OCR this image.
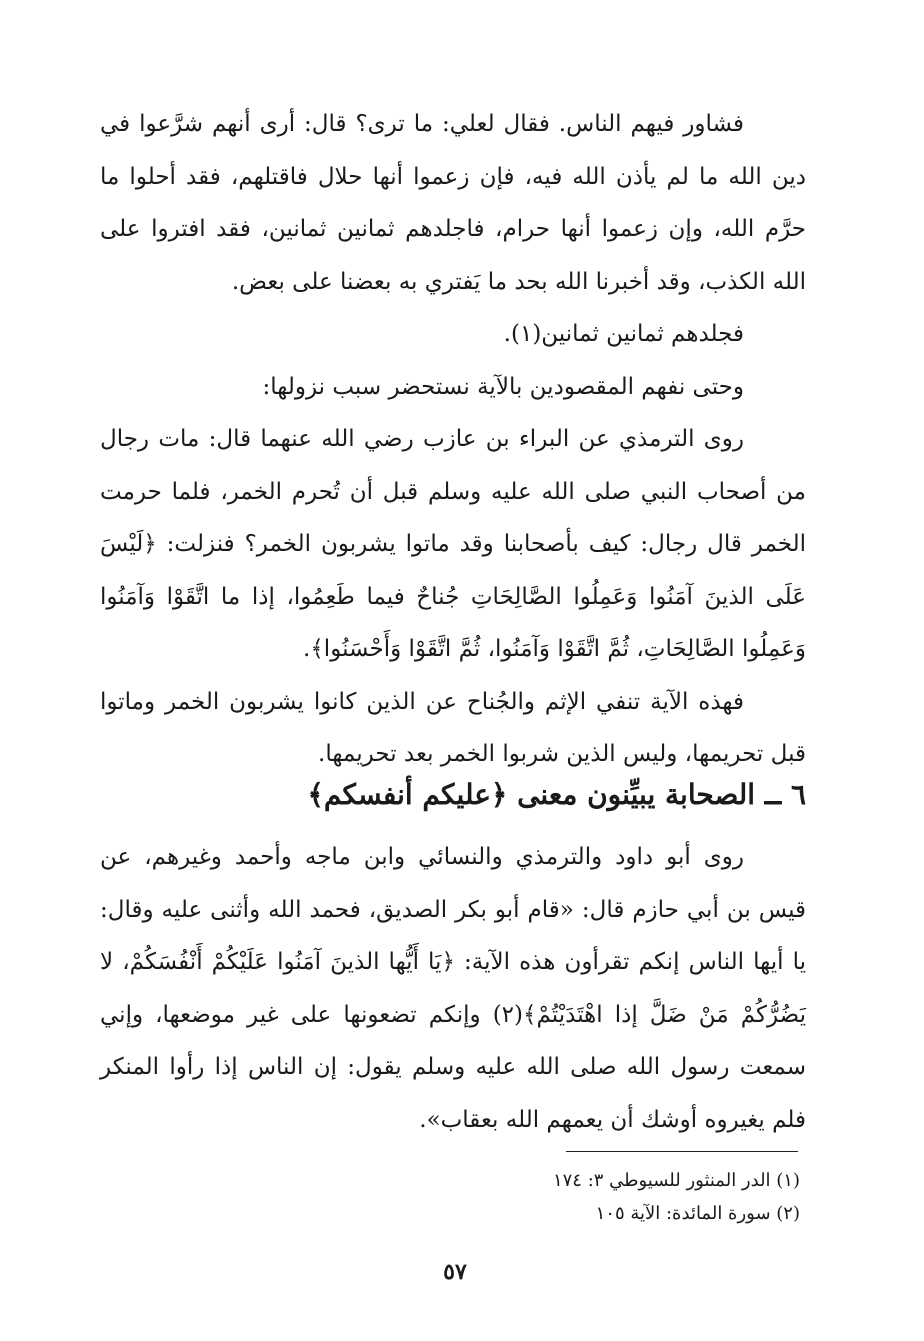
فشاور فيهم الناس. فقال لعلي: ما ترى؟ قال: أرى أنهم شرَّعوا في دين الله ما لم يأذن الله فيه، فإن زعموا أنها حلال فاقتلهم، فقد أحلوا ما حرَّم الله، وإن زعموا أنها حرام، فاجلدهم ثمانين ثمانين، فقد افتروا على الله الكذب، وقد أخبرنا الله بحد ما يَفتري به بعضنا على بعض.

فجلدهم ثمانين ثمانين(١).

وحتى نفهم المقصودين بالآية نستحضر سبب نزولها:

روى الترمذي عن البراء بن عازب رضي الله عنهما قال: مات رجال من أصحاب النبي صلى الله عليه وسلم قبل أن تُحرم الخمر، فلما حرمت الخمر قال رجال: كيف بأصحابنا وقد ماتوا يشربون الخمر؟ فنزلت: ﴿لَيْسَ عَلَى الذينَ آمَنُوا وَعَمِلُوا الصَّالِحَاتِ جُناحٌ فيما طَعِمُوا، إذا ما اتَّقَوْا وَآمَنُوا وَعَمِلُوا الصَّالِحَاتِ، ثُمَّ اتَّقَوْا وَآمَنُوا، ثُمَّ اتَّقَوْا وَأَحْسَنُوا﴾.

فهذه الآية تنفي الإثم والجُناح عن الذين كانوا يشربون الخمر وماتوا قبل تحريمها، وليس الذين شربوا الخمر بعد تحريمها.

٦ ــ الصحابة يبيِّنون معنى ﴿عليكم أنفسكم﴾

روى أبو داود والترمذي والنسائي وابن ماجه وأحمد وغيرهم، عن قيس بن أبي حازم قال: «قام أبو بكر الصديق، فحمد الله وأثنى عليه وقال: يا أيها الناس إنكم تقرأون هذه الآية: ﴿يَا أَيُّها الذينَ آمَنُوا عَلَيْكُمْ أَنْفُسَكُمْ، لا يَضُرُّكُمْ مَنْ ضَلَّ إذا اهْتَدَيْتُمْ﴾(٢) وإنكم تضعونها على غير موضعها، وإني سمعت رسول الله صلى الله عليه وسلم يقول: إن الناس إذا رأوا المنكر فلم يغيروه أوشك أن يعمهم الله بعقاب».

(١) الدر المنثور للسيوطي ٣: ١٧٤

(٢) سورة المائدة: الآية ١٠٥

٥٧
